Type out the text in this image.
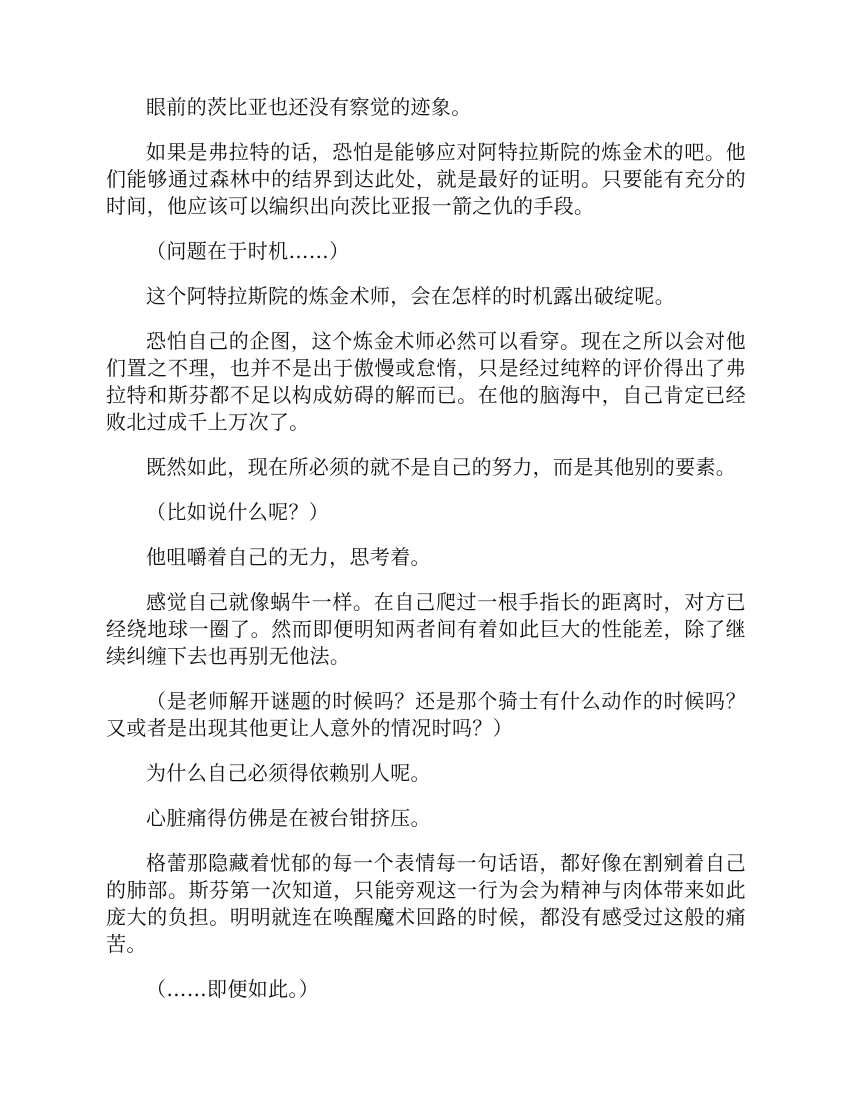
眼前的茨比亚也还没有察觉的迹象。

如果是弗拉特的话，恐怕是能够应对阿特拉斯院的炼金术的吧。他们能够通过森林中的结界到达此处，就是最好的证明。只要能有充分的时间，他应该可以编织出向茨比亚报一箭之仇的手段。

（问题在于时机……）

这个阿特拉斯院的炼金术师，会在怎样的时机露出破绽呢。

恐怕自己的企图，这个炼金术师必然可以看穿。现在之所以会对他们置之不理，也并不是出于傲慢或怠惰，只是经过纯粹的评价得出了弗拉特和斯芬都不足以构成妨碍的解而已。在他的脑海中，自己肯定已经败北过成千上万次了。

既然如此，现在所必须的就不是自己的努力，而是其他别的要素。

（比如说什么呢？）

他咀嚼着自己的无力，思考着。

感觉自己就像蜗牛一样。在自己爬过一根手指长的距离时，对方已经绕地球一圈了。然而即便明知两者间有着如此巨大的性能差，除了继续纠缠下去也再别无他法。

（是老师解开谜题的时候吗？还是那个骑士有什么动作的时候吗？又或者是出现其他更让人意外的情况时吗？）

为什么自己必须得依赖别人呢。

心脏痛得仿佛是在被台钳挤压。

格蕾那隐藏着忧郁的每一个表情每一句话语，都好像在割剜着自己的肺部。斯芬第一次知道，只能旁观这一行为会为精神与肉体带来如此庞大的负担。明明就连在唤醒魔术回路的时候，都没有感受过这般的痛苦。

（……即便如此。）
